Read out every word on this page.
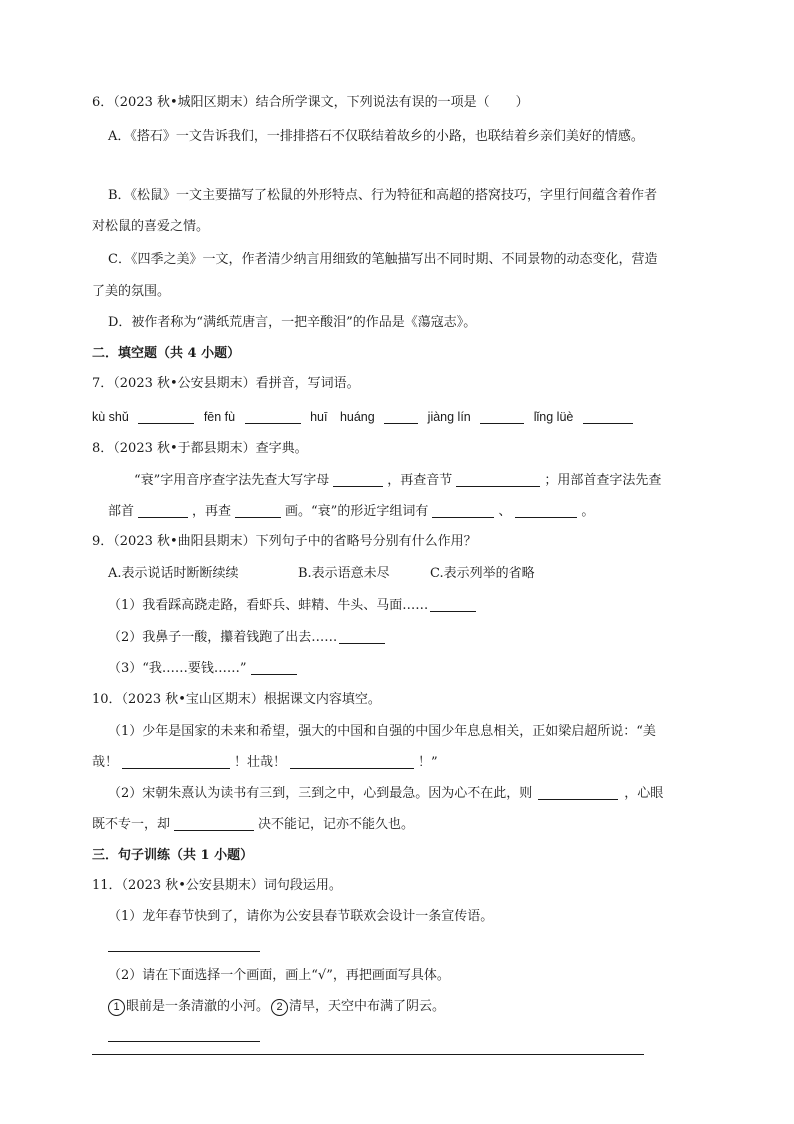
6．（2023 秋•城阳区期末）结合所学课文，下列说法有误的一项是（　　）
A．《搭石》一文告诉我们，一排排搭石不仅联结着故乡的小路，也联结着乡亲们美好的情感。
B．《松鼠》一文主要描写了松鼠的外形特点、行为特征和高超的搭窝技巧，字里行间蕴含着作者
对松鼠的喜爱之情。
C．《四季之美》一文，作者清少纳言用细致的笔触描写出不同时期、不同景物的动态变化，营造
了美的氛围。
D．被作者称为“满纸荒唐言，一把辛酸泪”的作品是《蕩寇志》。
二．填空题（共 4 小题）
7．（2023 秋•公安县期末）看拼音，写词语。
kù shǔ	fēn fù	huī　huáng	jiàng lín	lǐng lüè
8．（2023 秋•于都县期末）查字典。
“衰”字用音序查字法先查大写字母	，再查音节	；用部首查字法先查
部首	，再查	画。“衰”的形近字组词有	、	。
9．（2023 秋•曲阳县期末）下列句子中的省略号分别有什么作用？
A.表示说话时断断续续	B.表示语意未尽	C.表示列举的省略
（1）我看踩高跷走路，看虾兵、蚌精、牛头、马面……
（2）我鼻子一酸，攥着钱跑了出去……
（3）“我……要钱……”
10．（2023 秋•宝山区期末）根据课文内容填空。
（1）少年是国家的未来和希望，强大的中国和自强的中国少年息息相关，正如梁启超所说：“美
哉！	！壮哉！	！”
（2）宋朝朱熹认为读书有三到，三到之中，心到最急。因为心不在此，则	，心眼
既不专一，却	决不能记，记亦不能久也。
三．句子训练（共 1 小题）
11．（2023 秋•公安县期末）词句段运用。
（1）龙年春节快到了，请你为公安县春节联欢会设计一条宣传语。
（2）请在下面选择一个画面，画上“√”，再把画面写具体。
1 眼前是一条清澈的小河。 2 清早，天空中布满了阴云。
